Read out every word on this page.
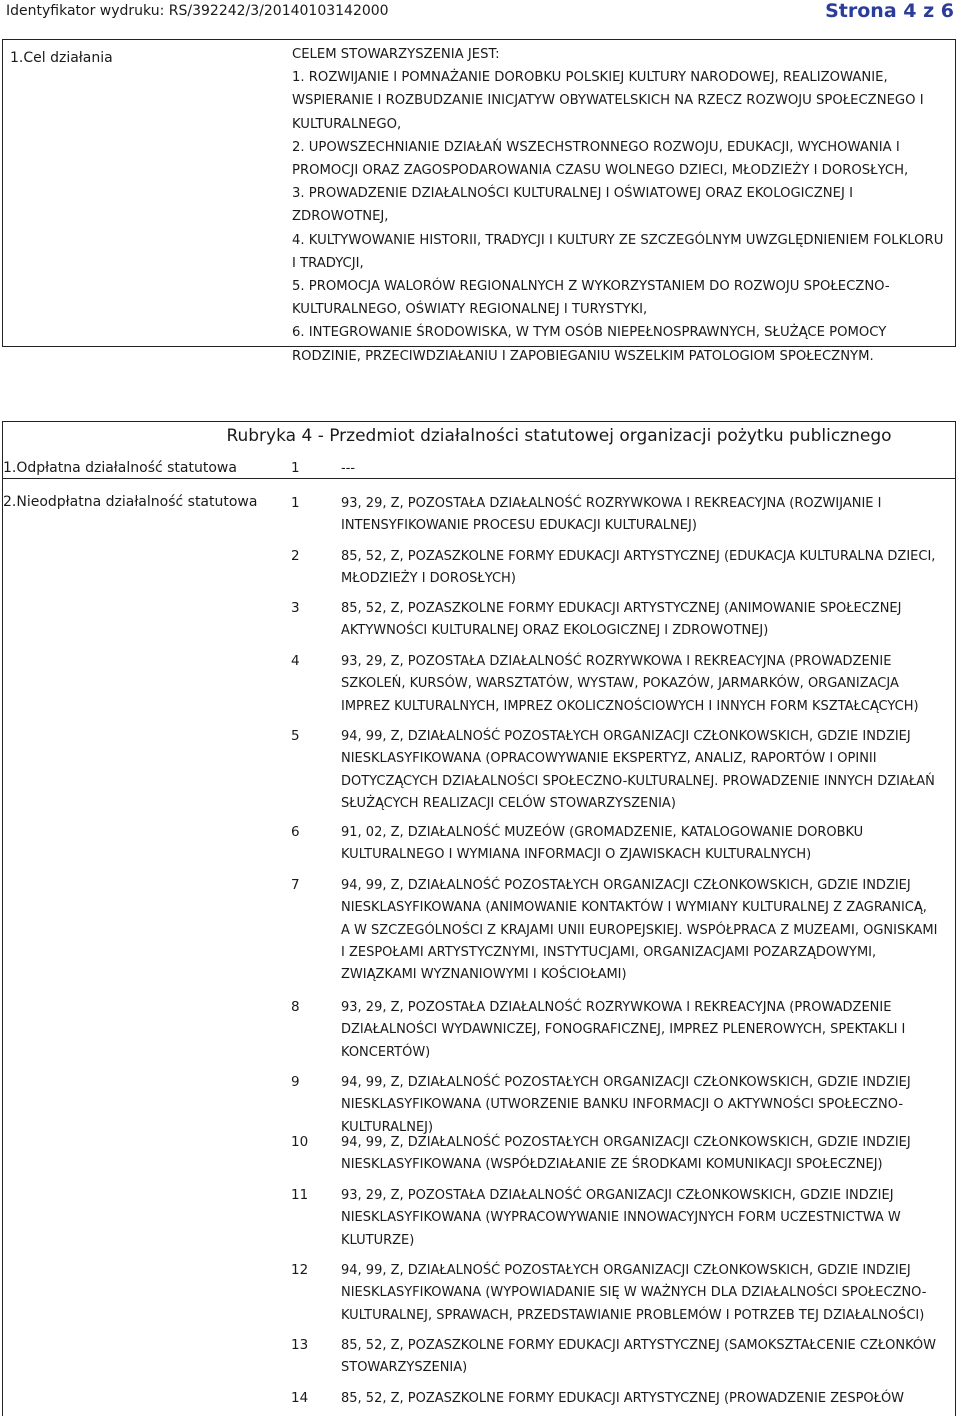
Identyfikator wydruku: RS/392242/3/20140103142000	Strona 4 z 6
1.Cel działania	CELEM STOWARZYSZENIA JEST:
1. ROZWIJANIE I POMNAŻANIE DOROBKU POLSKIEJ KULTURY NARODOWEJ, REALIZOWANIE,
WSPIERANIE I ROZBUDZANIE INICJATYW OBYWATELSKICH NA RZECZ ROZWOJU SPOŁECZNEGO I
KULTURALNEGO,
2. UPOWSZECHNIANIE DZIAŁAŃ WSZECHSTRONNEGO ROZWOJU, EDUKACJI, WYCHOWANIA I
PROMOCJI ORAZ ZAGOSPODAROWANIA CZASU WOLNEGO DZIECI, MŁODZIEŻY I DOROSŁYCH,
3. PROWADZENIE DZIAŁALNOŚCI KULTURALNEJ I OŚWIATOWEJ ORAZ EKOLOGICZNEJ I
ZDROWOTNEJ,
4. KULTYWOWANIE HISTORII, TRADYCJI I KULTURY ZE SZCZEGÓLNYM UWZGLĘDNIENIEM FOLKLORU
I TRADYCJI,
5. PROMOCJA WALORÓW REGIONALNYCH Z WYKORZYSTANIEM DO ROZWOJU SPOŁECZNO-
KULTURALNEGO, OŚWIATY REGIONALNEJ I TURYSTYKI,
6. INTEGROWANIE ŚRODOWISKA, W TYM OSÓB NIEPEŁNOSPRAWNYCH, SŁUŻĄCE POMOCY
RODZINIE, PRZECIWDZIAŁANIU I ZAPOBIEGANIU WSZELKIM PATOLOGIOM SPOŁECZNYM.
Rubryka 4 - Przedmiot działalności statutowej organizacji pożytku publicznego
1.Odpłatna działalność statutowa	1	---
2.Nieodpłatna działalność statutowa 1	93, 29, Z, POZOSTAŁA DZIAŁALNOŚĆ ROZRYWKOWA I REKREACYJNA (ROZWIJANIE I
INTENSYFIKOWANIE PROCESU EDUKACJI KULTURALNEJ)
2	85, 52, Z, POZASZKOLNE FORMY EDUKACJI ARTYSTYCZNEJ (EDUKACJA KULTURALNA DZIECI,
MŁODZIEŻY I DOROSŁYCH)
3	85, 52, Z, POZASZKOLNE FORMY EDUKACJI ARTYSTYCZNEJ (ANIMOWANIE SPOŁECZNEJ
AKTYWNOŚCI KULTURALNEJ ORAZ EKOLOGICZNEJ I ZDROWOTNEJ)
4	93, 29, Z, POZOSTAŁA DZIAŁALNOŚĆ ROZRYWKOWA I REKREACYJNA (PROWADZENIE
SZKOLEŃ, KURSÓW, WARSZTATÓW, WYSTAW, POKAZÓW, JARMARKÓW, ORGANIZACJA
IMPREZ KULTURALNYCH, IMPREZ OKOLICZNOŚCIOWYCH I INNYCH FORM KSZTAŁCĄCYCH)
5	94, 99, Z, DZIAŁALNOŚĆ POZOSTAŁYCH ORGANIZACJI CZŁONKOWSKICH, GDZIE INDZIEJ
NIESKLASYFIKOWANA (OPRACOWYWANIE EKSPERTYZ, ANALIZ, RAPORTÓW I OPINII
DOTYCZĄCYCH DZIAŁALNOŚCI SPOŁECZNO-KULTURALNEJ. PROWADZENIE INNYCH DZIAŁAŃ
SŁUŻĄCYCH REALIZACJI CELÓW STOWARZYSZENIA)
6	91, 02, Z, DZIAŁALNOŚĆ MUZEÓW (GROMADZENIE, KATALOGOWANIE DOROBKU
KULTURALNEGO I WYMIANA INFORMACJI O ZJAWISKACH KULTURALNYCH)
7	94, 99, Z, DZIAŁALNOŚĆ POZOSTAŁYCH ORGANIZACJI CZŁONKOWSKICH, GDZIE INDZIEJ
NIESKLASYFIKOWANA (ANIMOWANIE KONTAKTÓW I WYMIANY KULTURALNEJ Z ZAGRANICĄ,
A W SZCZEGÓLNOŚCI Z KRAJAMI UNII EUROPEJSKIEJ. WSPÓŁPRACA Z MUZEAMI, OGNISKAMI
I ZESPOŁAMI ARTYSTYCZNYMI, INSTYTUCJAMI, ORGANIZACJAMI POZARZĄDOWYMI,
ZWIĄZKAMI WYZNANIOWYMI I KOŚCIOŁAMI)
8	93, 29, Z, POZOSTAŁA DZIAŁALNOŚĆ ROZRYWKOWA I REKREACYJNA (PROWADZENIE
DZIAŁALNOŚCI WYDAWNICZEJ, FONOGRAFICZNEJ, IMPREZ PLENEROWYCH, SPEKTAKLI I
KONCERTÓW)
9	94, 99, Z, DZIAŁALNOŚĆ POZOSTAŁYCH ORGANIZACJI CZŁONKOWSKICH, GDZIE INDZIEJ
NIESKLASYFIKOWANA (UTWORZENIE BANKU INFORMACJI O AKTYWNOŚCI SPOŁECZNO-
KULTURALNEJ)
10	94, 99, Z, DZIAŁALNOŚĆ POZOSTAŁYCH ORGANIZACJI CZŁONKOWSKICH, GDZIE INDZIEJ
NIESKLASYFIKOWANA (WSPÓŁDZIAŁANIE ZE ŚRODKAMI KOMUNIKACJI SPOŁECZNEJ)
11	93, 29, Z, POZOSTAŁA DZIAŁALNOŚĆ ORGANIZACJI CZŁONKOWSKICH, GDZIE INDZIEJ
NIESKLASYFIKOWANA (WYPRACOWYWANIE INNOWACYJNYCH FORM UCZESTNICTWA W
KLUTURZE)
12	94, 99, Z, DZIAŁALNOŚĆ POZOSTAŁYCH ORGANIZACJI CZŁONKOWSKICH, GDZIE INDZIEJ
NIESKLASYFIKOWANA (WYPOWIADANIE SIĘ W WAŻNYCH DLA DZIAŁALNOŚCI SPOŁECZNO-
KULTURALNEJ, SPRAWACH, PRZEDSTAWIANIE PROBLEMÓW I POTRZEB TEJ DZIAŁALNOŚCI)
13	85, 52, Z, POZASZKOLNE FORMY EDUKACJI ARTYSTYCZNEJ (SAMOKSZTAŁCENIE CZŁONKÓW
STOWARZYSZENIA)
14	85, 52, Z, POZASZKOLNE FORMY EDUKACJI ARTYSTYCZNEJ (PROWADZENIE ZESPOŁÓW
